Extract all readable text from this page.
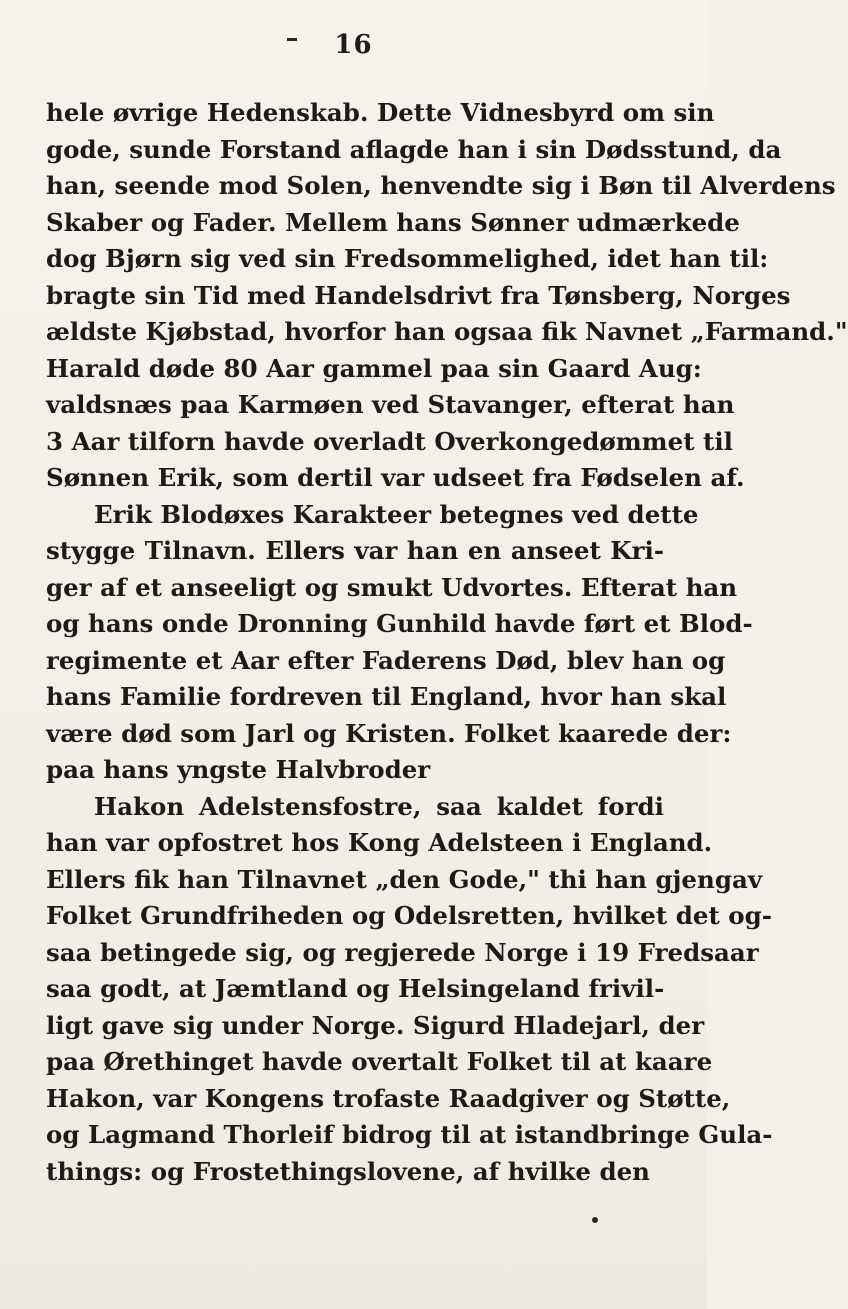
16
hele øvrige Hedenskab. Dette Vidnesbyrd om sin
gode, sunde Forstand aflagde han i sin Dødsstund, da
han, seende mod Solen, henvendte sig i Bøn til Alverdens
Skaber og Fader. Mellem hans Sønner udmærkede
dog Bjørn sig ved sin Fredsommelighed, idet han til:
bragte sin Tid med Handelsdrivt fra Tønsberg, Norges
ældste Kjøbstad, hvorfor han ogsaa fik Navnet „Farmand."
Harald døde 80 Aar gammel paa sin Gaard Aug:
valdsnæs paa Karmøen ved Stavanger, efterat han
3 Aar tilforn havde overladt Overkongedømmet til
Sønnen Erik, som dertil var udseet fra Fødselen af.
Erik Blodøxes Karakteer betegnes ved dette
styggе Tilnavn. Ellers var han en anseet Kri-
ger af et anseeligt og smukt Udvortes. Efterat han
og hans onde Dronning Gunhild havde ført et Blod-
regimente et Aar efter Faderens Død, blev han og
hans Familie fordreven til England, hvor han skal
være død som Jarl og Kristen. Folket kaarede der:
paa hans yngste Halvbroder
Hakon Adelstensfostre, saa kaldet fordi
han var opfostret hos Kong Adelsteen i England.
Ellers fik han Tilnavnet „den Gode," thi han gjengav
Folket Grundfriheden og Odelsretten, hvilket det og-
saa betingede sig, og regjerede Norge i 19 Fredsaar
saa godt, at Jæmtland og Helsingeland frivil-
ligt gave sig under Norge. Sigurd Hladejarl, der
paa Ørethinget havde overtalt Folket til at kaare
Hakon, var Kongens trofaste Raadgiver og Støtte,
og Lagmand Thorleif bidrog til at istandbringe Gula-
things: og Frostethingslovene, af hvilke den
